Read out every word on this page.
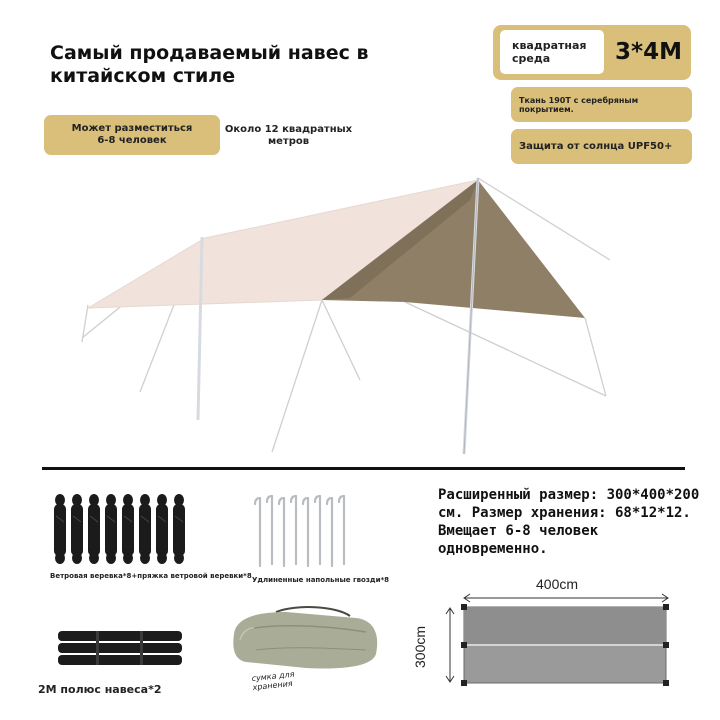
Самый продаваемый навес в китайском стиле
Может разместиться 6-8 человек
Около 12 квадратных метров
квадратная среда	3*4M
Ткань 190T с серебряным покрытием.
Защита от солнца UPF50+
Ветровая веревка*8+пряжка ветровой веревки*8 Удлиненные напольные гвозди*8
Расширенный размер: 300*400*200 см. Размер хранения: 68*12*12. Вмещает 6-8 человек одновременно.
400cm
300cm
2M полюс навеса*2
сумка для хранения
